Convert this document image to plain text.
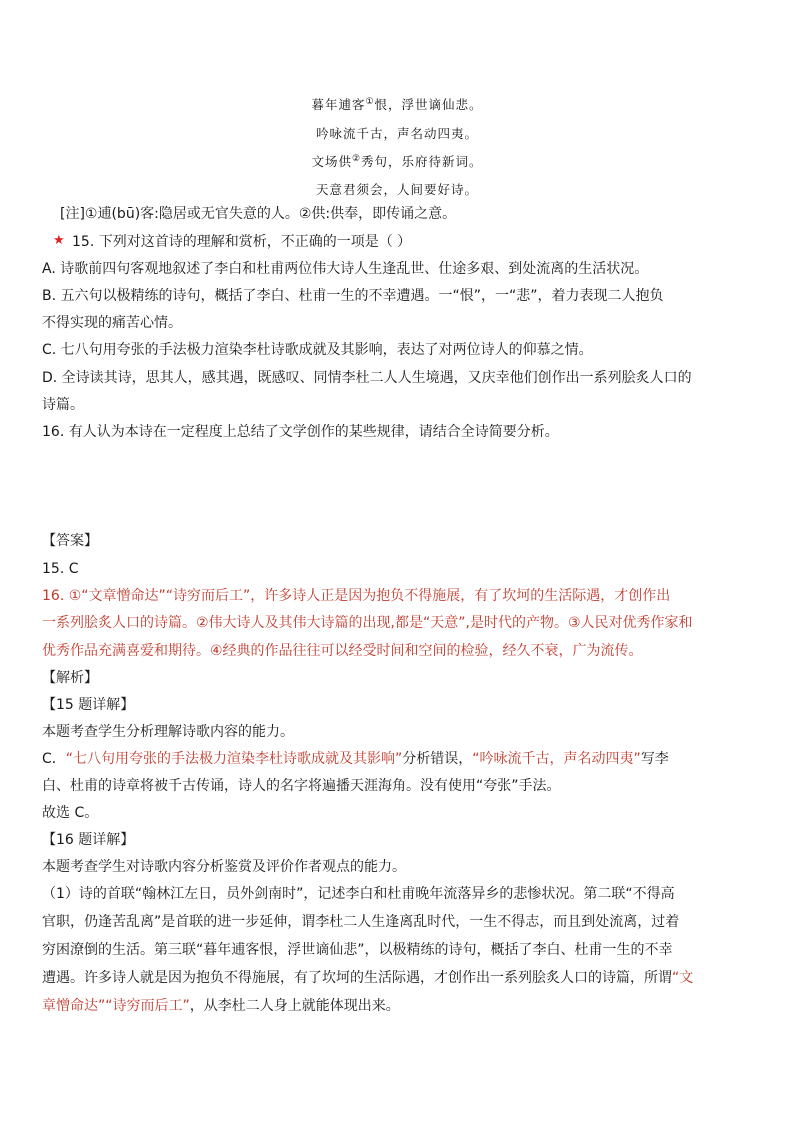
暮年逋客①恨，浮世谪仙悲。
吟咏流千古，声名动四夷。
文场供②秀句，乐府待新词。
天意君须会，人间要好诗。
[注]①逋(bū)客:隐居或无官失意的人。②供:供奉，即传诵之意。
★ 15. 下列对这首诗的理解和赏析，不正确的一项是（ ）
A. 诗歌前四句客观地叙述了李白和杜甫两位伟大诗人生逢乱世、仕途多艰、到处流离的生活状况。
B. 五六句以极精练的诗句，概括了李白、杜甫一生的不幸遭遇。一“恨”，一“悲”，着力表现二人抱负
不得实现的痛苦心情。
C. 七八句用夸张的手法极力渲染李杜诗歌成就及其影响，表达了对两位诗人的仰慕之情。
D. 全诗读其诗，思其人，感其遇，既感叹、同情李杜二人人生境遇，又庆幸他们创作出一系列脍炙人口的
诗篇。
16. 有人认为本诗在一定程度上总结了文学创作的某些规律，请结合全诗简要分析。
【答案】
15. C
16. ①“文章憎命达”“诗穷而后工”，许多诗人正是因为抱负不得施展，有了坎坷的生活际遇，才创作出
一系列脍炙人口的诗篇。②伟大诗人及其伟大诗篇的出现,都是“天意”,是时代的产物。③人民对优秀作家和
优秀作品充满喜爱和期待。④经典的作品往往可以经受时间和空间的检验，经久不衰，广为流传。
【解析】
【15 题详解】
本题考查学生分析理解诗歌内容的能力。
C．“七八句用夸张的手法极力渲染李杜诗歌成就及其影响”分析错误，“吟咏流千古，声名动四夷”写李
白、杜甫的诗章将被千古传诵，诗人的名字将遍播天涯海角。没有使用“夸张”手法。
故选 C。
【16 题详解】
本题考查学生对诗歌内容分析鉴赏及评价作者观点的能力。
（1）诗的首联“翰林江左日，员外剑南时”，记述李白和杜甫晚年流落异乡的悲惨状况。第二联“不得高
官职，仍逢苦乱离”是首联的进一步延伸，谓李杜二人生逢离乱时代，一生不得志，而且到处流离，过着
穷困潦倒的生活。第三联“暮年逋客恨，浮世谪仙悲”，以极精练的诗句，概括了李白、杜甫一生的不幸
遭遇。许多诗人就是因为抱负不得施展，有了坎坷的生活际遇，才创作出一系列脍炙人口的诗篇，所谓“文
章憎命达”“诗穷而后工”，从李杜二人身上就能体现出来。
